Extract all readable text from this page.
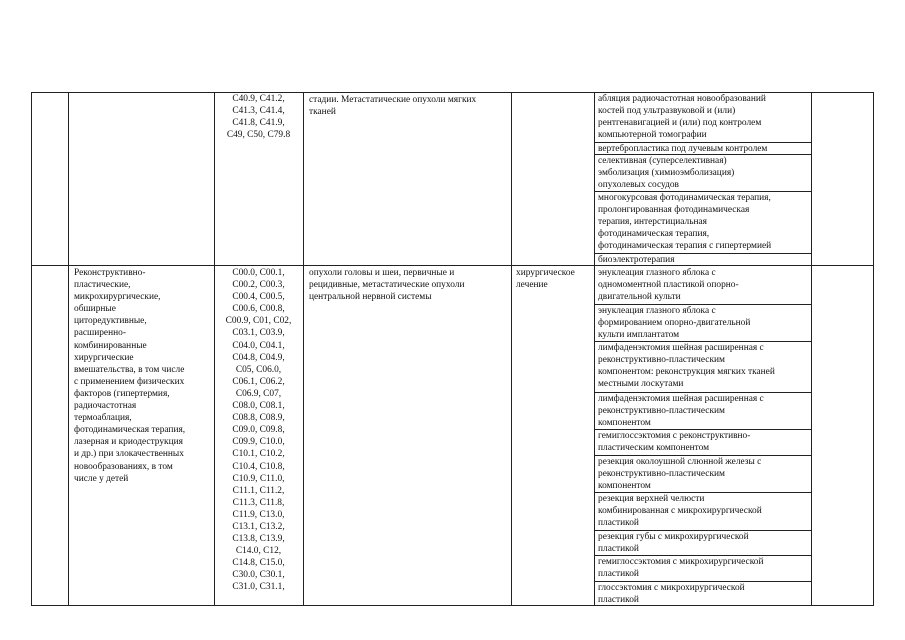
C40.9, C41.2,
C41.3, C41.4,
C41.8, C41.9,
C49, C50, C79.8
стадии. Метастатические опухоли мягких
тканей
абляция радиочастотная новообразований
костей под ультразвуковой и (или)
рентгенавигацией и (или) под контролем
компьютерной томографии
вертебропластика под лучевым контролем
селективная (суперселективная)
эмболизация (химиоэмболизация)
опухолевых сосудов
многокурсовая фотодинамическая терапия,
пролонгированная фотодинамическая
терапия, интерстициальная
фотодинамическая терапия,
фотодинамическая терапия с гипертермией
биоэлектротерапия
Реконструктивно-
пластические,
микрохирургические,
обширные
циторедуктивные,
расширенно-
комбинированные
хирургические
вмешательства, в том числе
с применением физических
факторов (гипертермия,
радиочастотная
термоаблация,
фотодинамическая терапия,
лазерная и криодеструкция
и др.) при злокачественных
новообразованиях, в том
числе у детей
C00.0, C00.1,
C00.2, C00.3,
C00.4, C00.5,
C00.6, C00.8,
C00.9, C01, C02,
C03.1, C03.9,
C04.0, C04.1,
C04.8, C04.9,
C05, C06.0,
C06.1, C06.2,
C06.9, C07,
C08.0, C08.1,
C08.8, C08.9,
C09.0, C09.8,
C09.9, C10.0,
C10.1, C10.2,
C10.4, C10.8,
C10.9, C11.0,
C11.1, C11.2,
C11.3, C11.8,
C11.9, C13.0,
C13.1, C13.2,
C13.8, C13.9,
C14.0, C12,
C14.8, C15.0,
C30.0, C30.1,
C31.0, C31.1,
опухоли головы и шеи, первичные и
рецидивные, метастатические опухоли
центральной нервной системы
хирургическое
лечение
энуклеация глазного яблока с
одномоментной пластикой опорно-
двигательной культи
энуклеация глазного яблока с
формированием опорно-двигательной
культи имплантатом
лимфаденэктомия шейная расширенная с
реконструктивно-пластическим
компонентом: реконструкция мягких тканей
местными лоскутами
лимфаденэктомия шейная расширенная с
реконструктивно-пластическим
компонентом
гемиглоссэктомия с реконструктивно-
пластическим компонентом
резекция околоушной слюнной железы с
реконструктивно-пластическим
компонентом
резекция верхней челюсти
комбинированная с микрохирургической
пластикой
резекция губы с микрохирургической
пластикой
гемиглоссэктомия с микрохирургической
пластикой
глоссэктомия с микрохирургической
пластикой
